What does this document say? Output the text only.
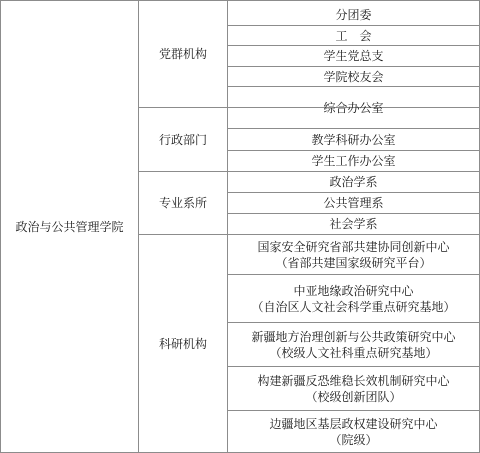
政治与公共管理学院
党群机构
行政部门
专业系所
科研机构
分团委
工　会
学生党总支
学院校友会
综合办公室
教学科研办公室
学生工作办公室
政治学系
公共管理系
社会学系
国家安全研究省部共建协同创新中心
（省部共建国家级研究平台）
中亚地缘政治研究中心
（自治区人文社会科学重点研究基地）
新疆地方治理创新与公共政策研究中心
（校级人文社科重点研究基地）
构建新疆反恐维稳长效机制研究中心
（校级创新团队）
边疆地区基层政权建设研究中心
（院级）
